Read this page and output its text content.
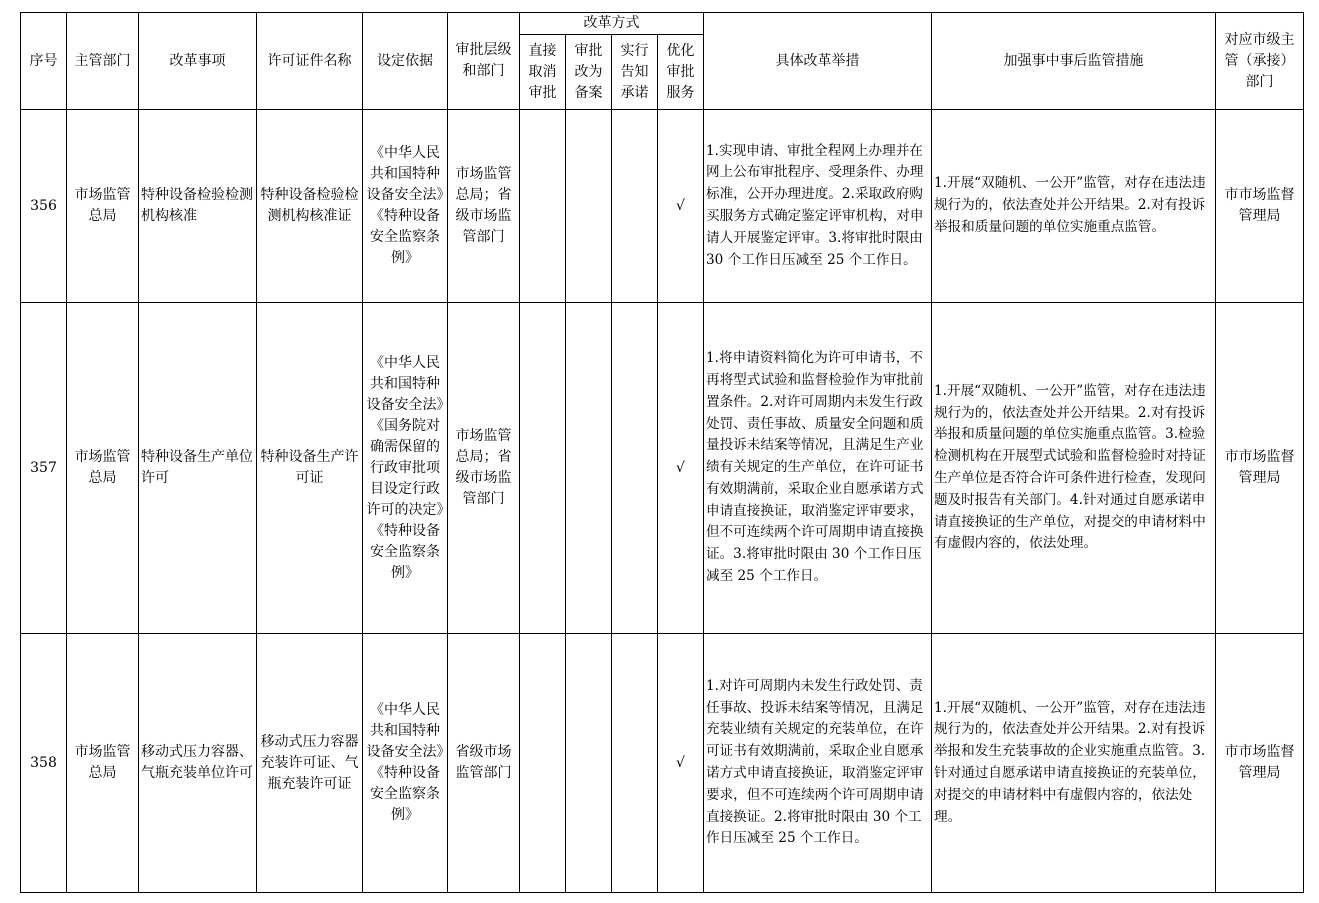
序号	主管部门	改革事项	许可证件名称	设定依据	审批层级和部门	改革方式				具体改革举措	加强事中事后监管措施	对应市级主管（承接）部门
						直接取消审批	审批改为备案	实行告知承诺	优化审批服务			
356	市场监管总局	特种设备检验检测机构核准	特种设备检验检测机构核准证	《中华人民共和国特种设备安全法》《特种设备安全监察条例》	市场监管总局；省级市场监管部门				√	1.实现申请、审批全程网上办理并在网上公布审批程序、受理条件、办理标准，公开办理进度。2.采取政府购买服务方式确定鉴定评审机构，对申请人开展鉴定评审。3.将审批时限由 30 个工作日压减至 25 个工作日。	1.开展“双随机、一公开”监管，对存在违法违规行为的，依法查处并公开结果。2.对有投诉举报和质量问题的单位实施重点监管。	市市场监督管理局
357	市场监管总局	特种设备生产单位许可	特种设备生产许可证	《中华人民共和国特种设备安全法》《国务院对确需保留的行政审批项目设定行政许可的决定》《特种设备安全监察条例》	市场监管总局；省级市场监管部门				√	1.将申请资料简化为许可申请书，不再将型式试验和监督检验作为审批前置条件。2.对许可周期内未发生行政处罚、责任事故、质量安全问题和质量投诉未结案等情况，且满足生产业绩有关规定的生产单位，在许可证书有效期满前，采取企业自愿承诺方式申请直接换证，取消鉴定评审要求，但不可连续两个许可周期申请直接换证。3.将审批时限由 30 个工作日压减至 25 个工作日。	1.开展“双随机、一公开”监管，对存在违法违规行为的，依法查处并公开结果。2.对有投诉举报和质量问题的单位实施重点监管。3.检验检测机构在开展型式试验和监督检验时对持证生产单位是否符合许可条件进行检查，发现问题及时报告有关部门。4.针对通过自愿承诺申请直接换证的生产单位，对提交的申请材料中有虚假内容的，依法处理。	市市场监督管理局
358	市场监管总局	移动式压力容器、气瓶充装单位许可	移动式压力容器充装许可证、气瓶充装许可证	《中华人民共和国特种设备安全法》《特种设备安全监察条例》	省级市场监管部门				√	1.对许可周期内未发生行政处罚、责任事故、投诉未结案等情况，且满足充装业绩有关规定的充装单位，在许可证书有效期满前，采取企业自愿承诺方式申请直接换证，取消鉴定评审要求，但不可连续两个许可周期申请直接换证。2.将审批时限由 30 个工作日压减至 25 个工作日。	1.开展“双随机、一公开”监管，对存在违法违规行为的，依法查处并公开结果。2.对有投诉举报和发生充装事故的企业实施重点监管。3.针对通过自愿承诺申请直接换证的充装单位，对提交的申请材料中有虚假内容的，依法处理。	市市场监督管理局
